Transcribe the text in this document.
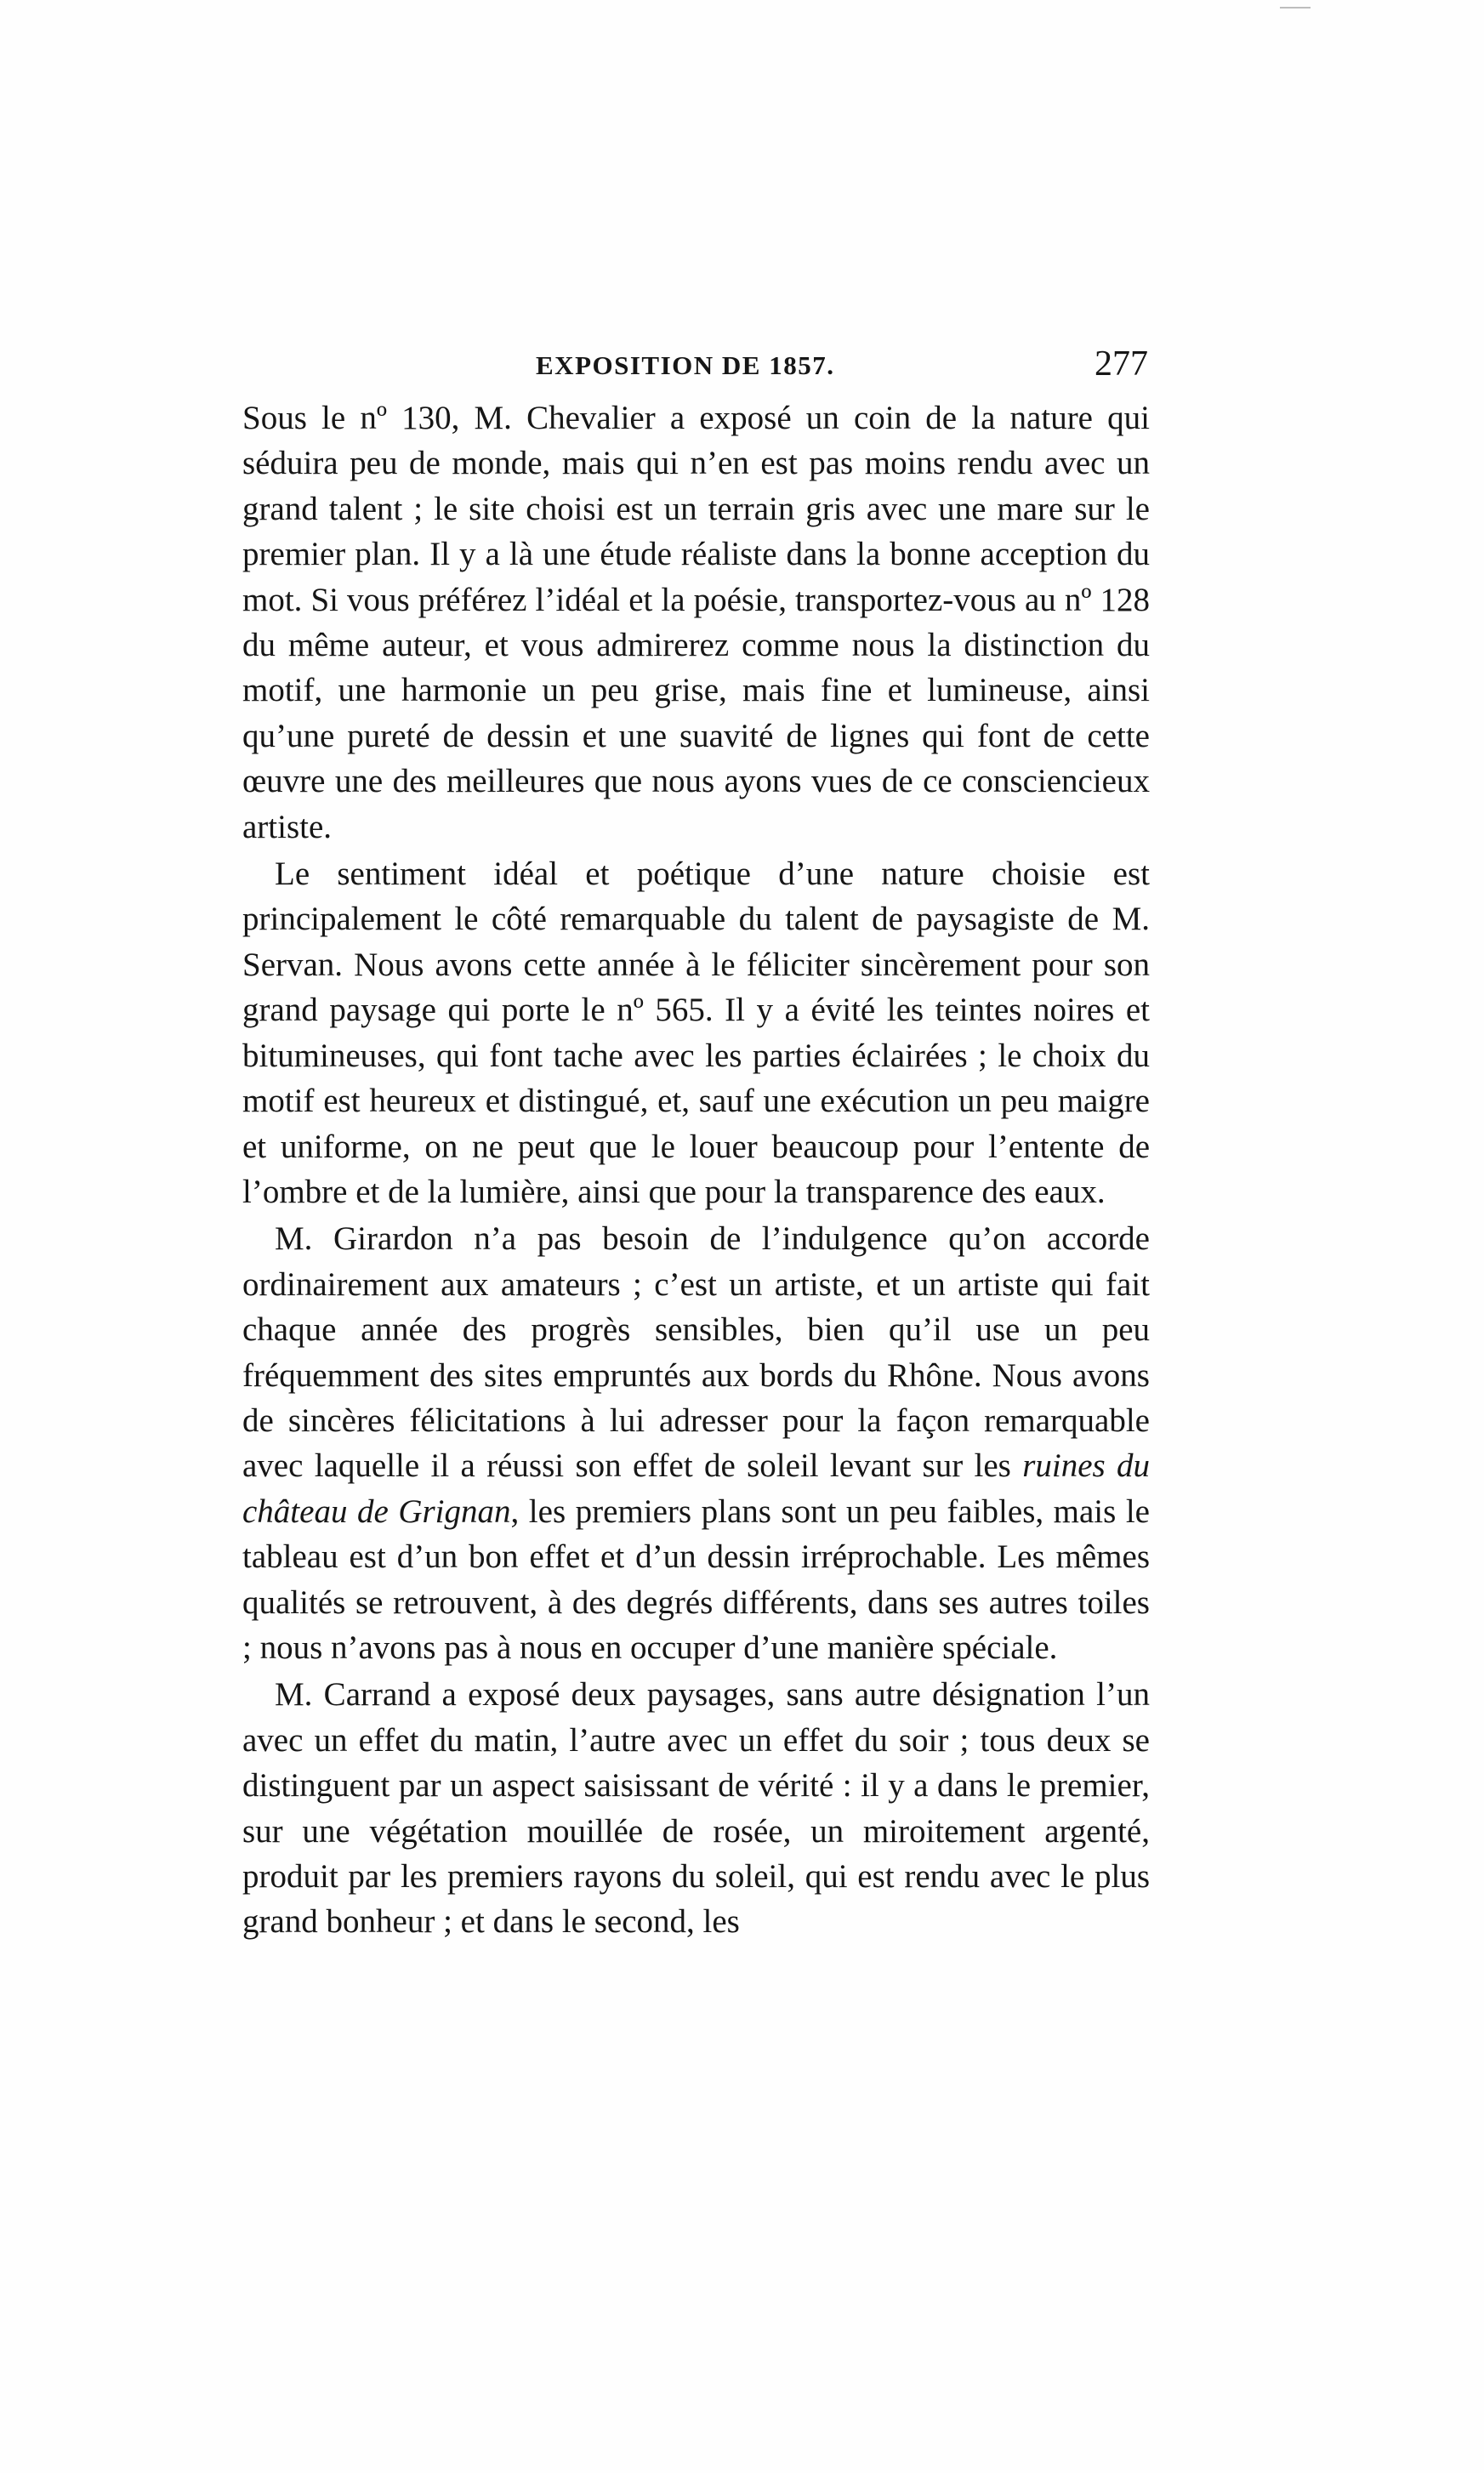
EXPOSITION DE 1857.	277

Sous le nº 130, M. Chevalier a exposé un coin de la nature qui séduira peu de monde, mais qui n’en est pas moins rendu avec un grand talent ; le site choisi est un terrain gris avec une mare sur le premier plan. Il y a là une étude réaliste dans la bonne acception du mot. Si vous préférez l’idéal et la poésie, transportez-vous au nº 128 du même auteur, et vous admirerez comme nous la distinction du motif, une harmonie un peu grise, mais fine et lumineuse, ainsi qu’une pureté de dessin et une suavité de lignes qui font de cette œuvre une des meilleures que nous ayons vues de ce consciencieux artiste.

Le sentiment idéal et poétique d’une nature choisie est principalement le côté remarquable du talent de paysagiste de M. Servan. Nous avons cette année à le féliciter sincèrement pour son grand paysage qui porte le nº 565. Il y a évité les teintes noires et bitumineuses, qui font tache avec les parties éclairées ; le choix du motif est heureux et distingué, et, sauf une exécution un peu maigre et uniforme, on ne peut que le louer beaucoup pour l’entente de l’ombre et de la lumière, ainsi que pour la transparence des eaux.

M. Girardon n’a pas besoin de l’indulgence qu’on accorde ordinairement aux amateurs ; c’est un artiste, et un artiste qui fait chaque année des progrès sensibles, bien qu’il use un peu fréquemment des sites empruntés aux bords du Rhône. Nous avons de sincères félicitations à lui adresser pour la façon remarquable avec laquelle il a réussi son effet de soleil levant sur les ruines du château de Grignan, les premiers plans sont un peu faibles, mais le tableau est d’un bon effet et d’un dessin irréprochable. Les mêmes qualités se retrouvent, à des degrés différents, dans ses autres toiles ; nous n’avons pas à nous en occuper d’une manière spéciale.

M. Carrand a exposé deux paysages, sans autre désignation l’un avec un effet du matin, l’autre avec un effet du soir ; tous deux se distinguent par un aspect saisissant de vérité : il y a dans le premier, sur une végétation mouillée de rosée, un miroitement argenté, produit par les premiers rayons du soleil, qui est rendu avec le plus grand bonheur ; et dans le second, les
